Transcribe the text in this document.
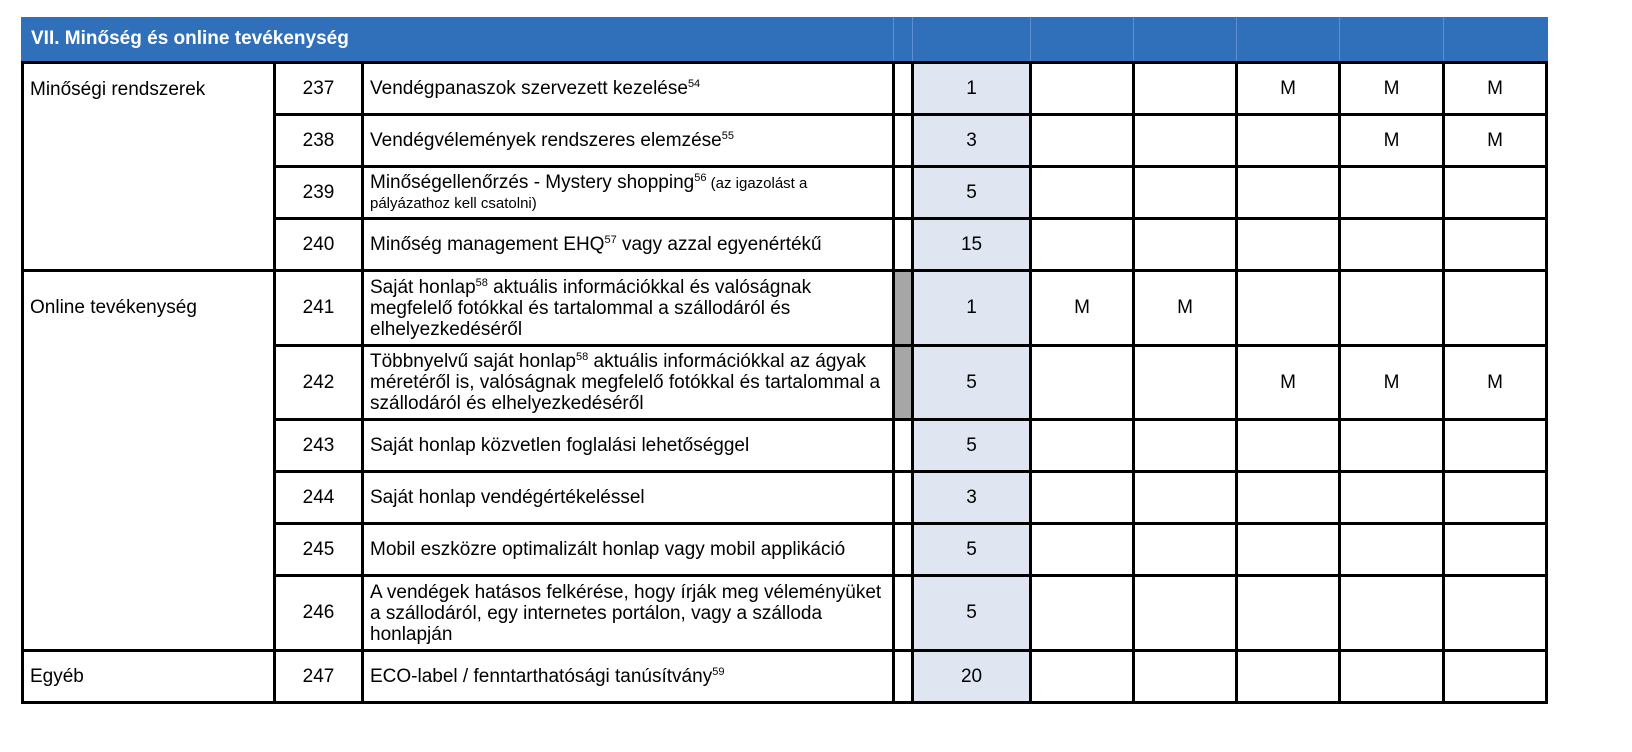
VII. Minőség és online tevékenység									

Minőségi rendszerek	237	Vendégpanaszok szervezett kezelése$^{54}$		1			M	M	M
	238	Vendégvélemények rendszeres elemzése$^{55}$		3				M	M
	239	Minőségellenőrzés - Mystery shopping$^{56}$ (az igazolást a pályázathoz kell csatolni)		5					
	240	Minőség management EHQ$^{57}$ vagy azzal egyenértékű		15					

Online tevékenység	241	Saját honlap$^{58}$ aktuális információkkal és valóságnak megfelelő fotókkal és tartalommal a szállodáról és elhelyezkedéséről		1	M	M			
	242	Többnyelvű saját honlap$^{58}$ aktuális információkkal az ágyak méretéről is, valóságnak megfelelő fotókkal és tartalommal a szállodáról és elhelyezkedéséről		5			M	M	M
	243	Saját honlap közvetlen foglalási lehetőséggel		5					
	244	Saját honlap vendégértékeléssel		3					
	245	Mobil eszközre optimalizált honlap vagy mobil applikáció		5					
	246	A vendégek hatásos felkérése, hogy írják meg véleményüket a szállodáról, egy internetes portálon, vagy a szálloda honlapján		5					

Egyéb	247	ECO-label / fenntarthatósági tanúsítvány$^{59}$		20					
